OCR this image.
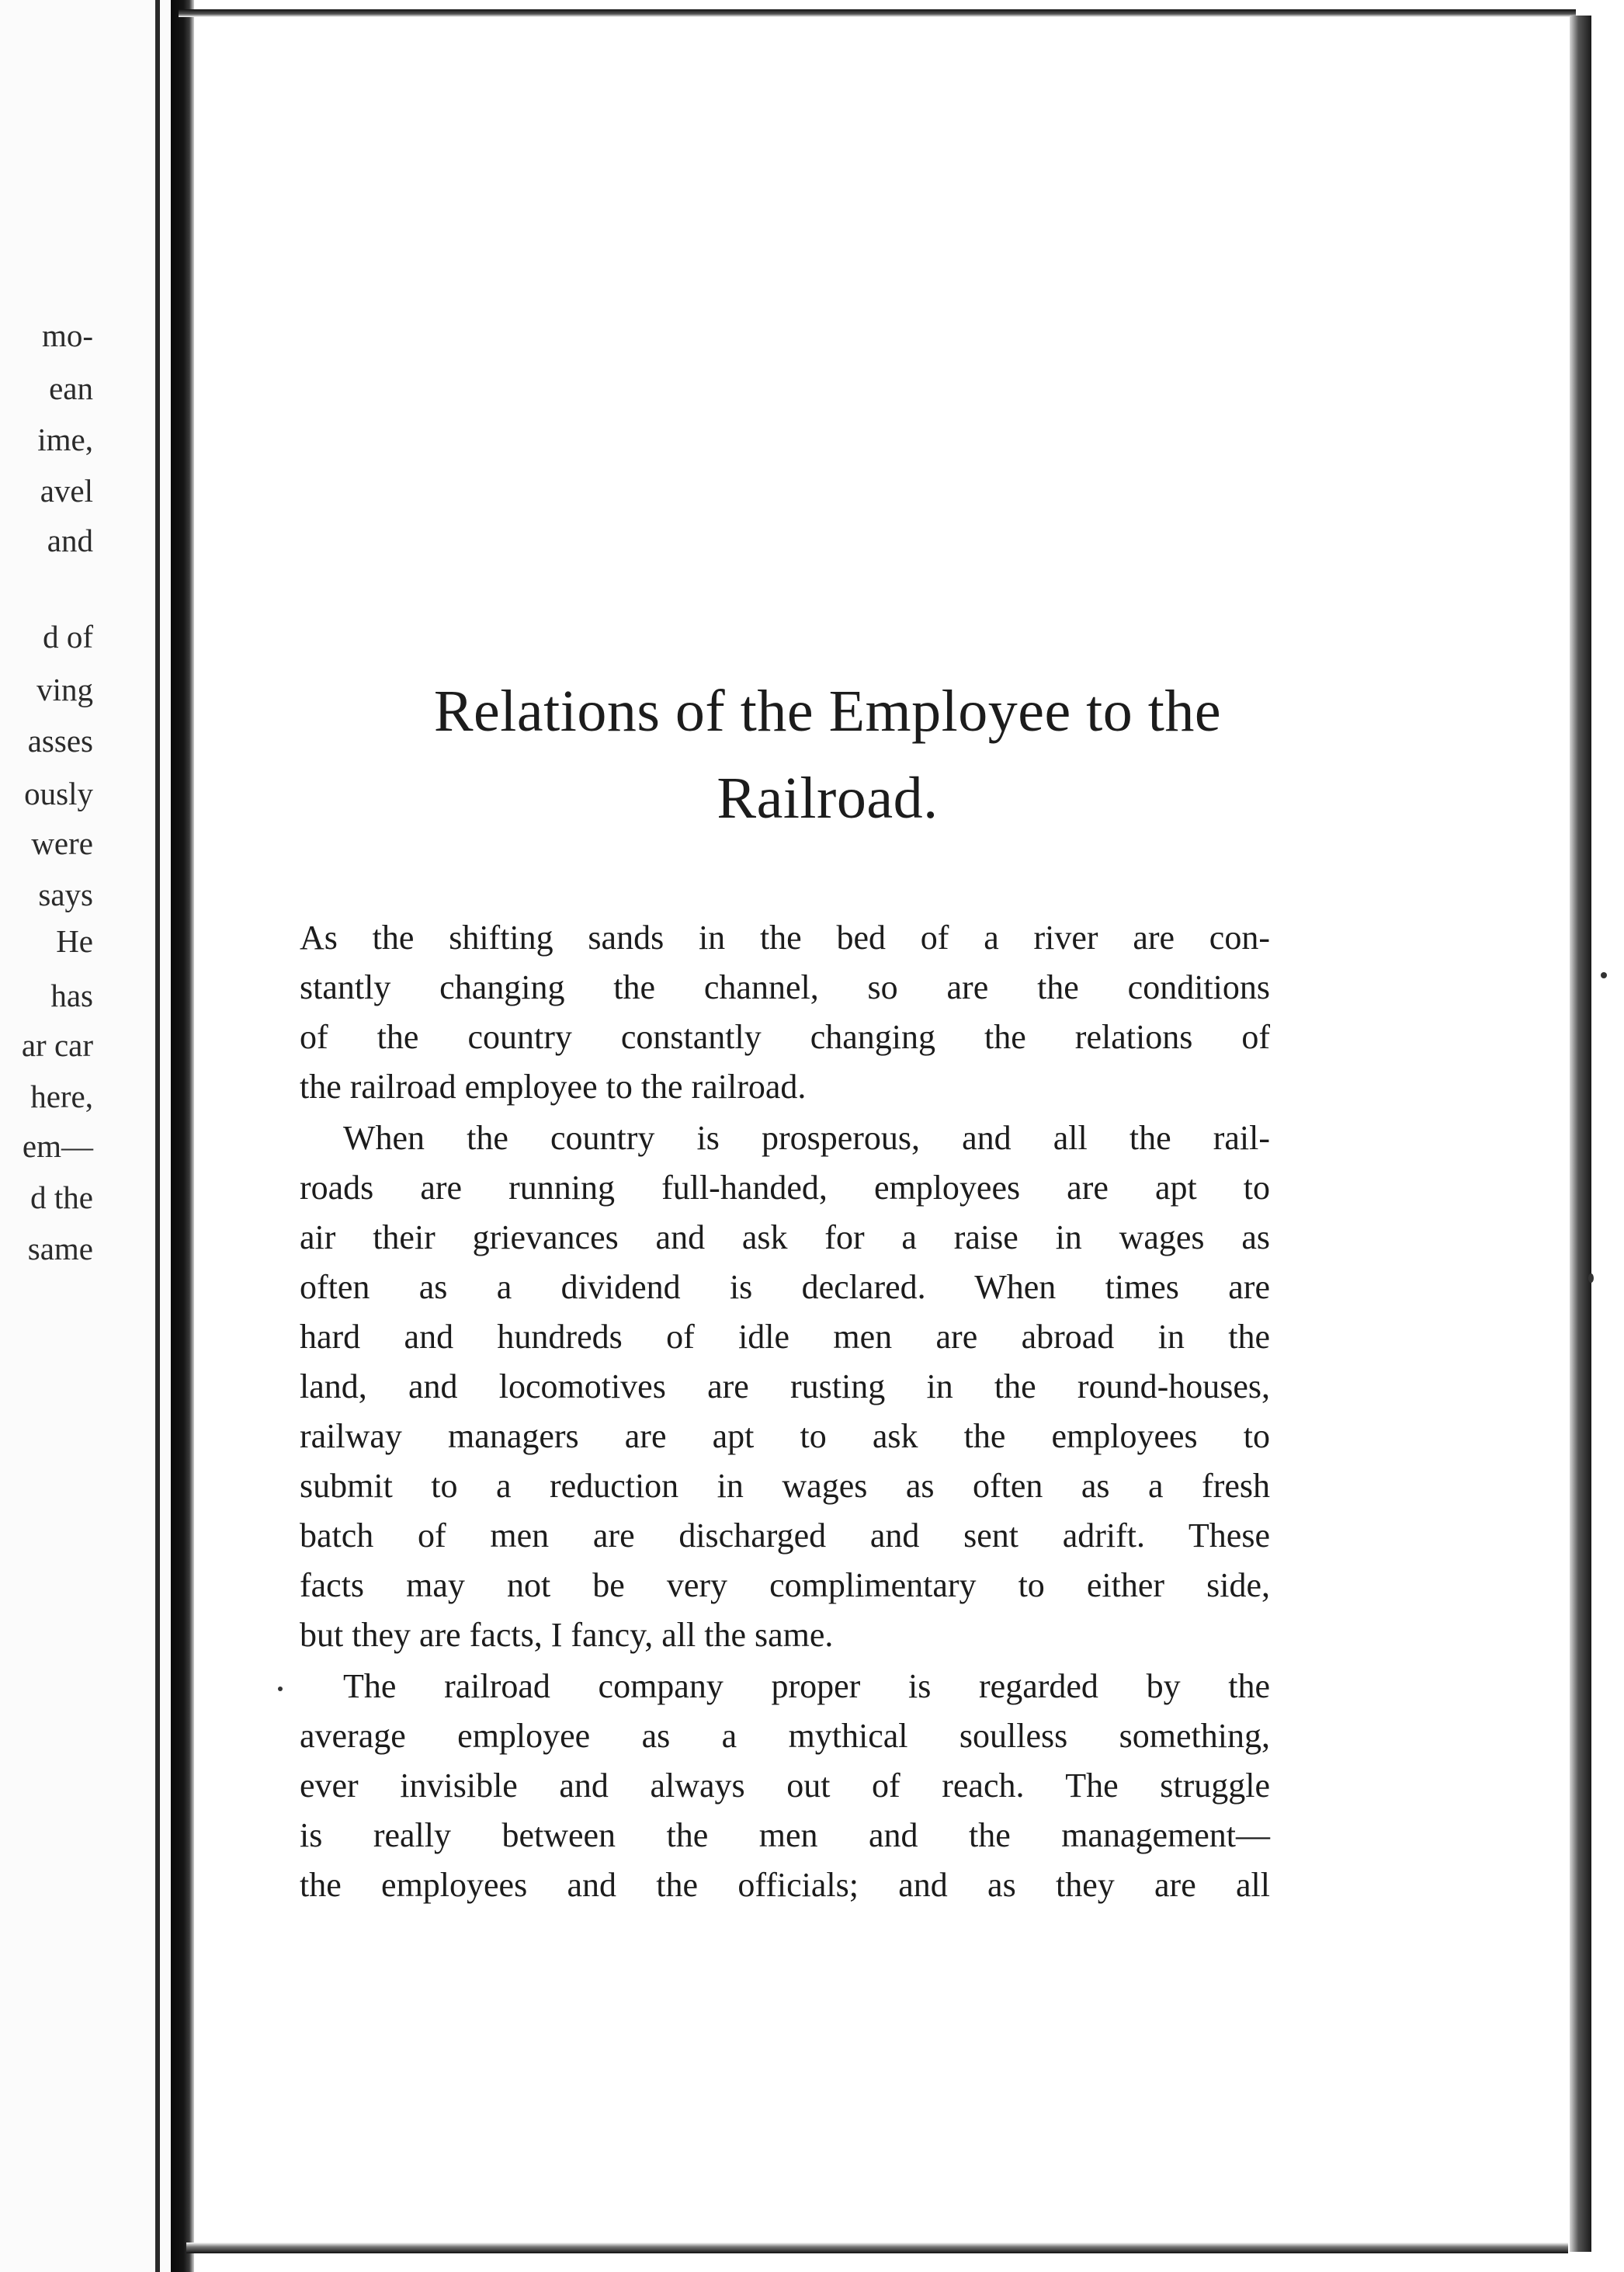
mo-
ean
ime,
avel
and
d of
ving
asses
ously
were
says
He
has
ar car
here,
em—
d the
same
Relations of the Employee to the
Railroad.
As the shifting sands in the bed of a river are con-
stantly changing the channel, so are the conditions
of the country constantly changing the relations of
the railroad employee to the railroad.
When the country is prosperous, and all the rail-
roads are running full-handed, employees are apt to
air their grievances and ask for a raise in wages as
often as a dividend is declared. When times are
hard and hundreds of idle men are abroad in the
land, and locomotives are rusting in the round-houses,
railway managers are apt to ask the employees to
submit to a reduction in wages as often as a fresh
batch of men are discharged and sent adrift. These
facts may not be very complimentary to either side,
but they are facts, I fancy, all the same.
The railroad company proper is regarded by the
average employee as a mythical soulless something,
ever invisible and always out of reach. The struggle
is really between the men and the management—
the employees and the officials; and as they are all
